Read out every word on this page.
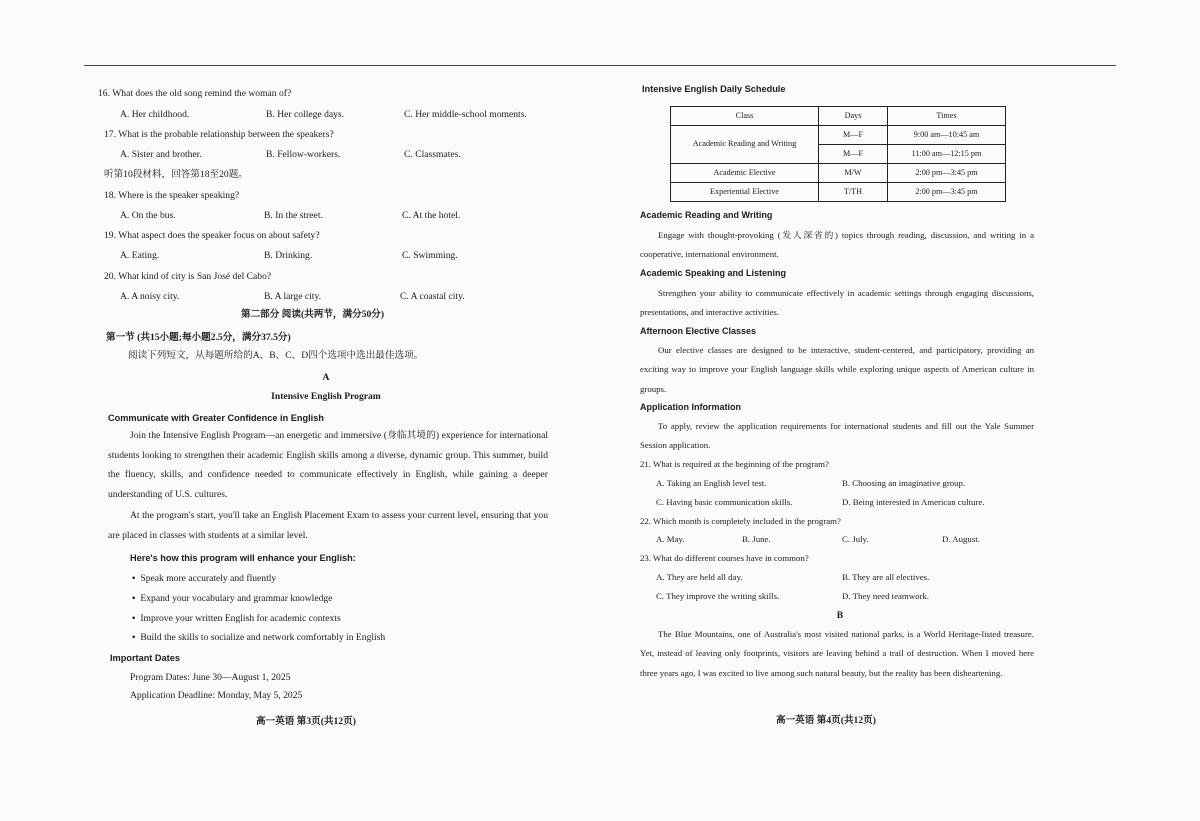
16. What does the old song remind the woman of?
A. Her childhood.	B. Her college days.	C. Her middle-school moments.
17. What is the probable relationship between the speakers?
A. Sister and brother.	B. Fellow-workers.	C. Classmates.
听第10段材料，回答第18至20题。
18. Where is the speaker speaking?
A. On the bus.	B. In the street.	C. At the hotel.
19. What aspect does the speaker focus on about safety?
A. Eating.	B. Drinking.	C. Swimming.
20. What kind of city is San José del Cabo?
A. A noisy city.	B. A large city.	C. A coastal city.
第二部分 阅读(共两节，满分50分)
第一节 (共15小题;每小题2.5分，满分37.5分)
阅读下列短文，从每题所给的A、B、C、D四个选项中选出最佳选项。
A
Intensive English Program
Communicate with Greater Confidence in English
Join the Intensive English Program—an energetic and immersive (身临其境的) experience for international students looking to strengthen their academic English skills among a diverse, dynamic group. This summer, build the fluency, skills, and confidence needed to communicate effectively in English, while gaining a deeper understanding of U.S. cultures.
At the program's start, you'll take an English Placement Exam to assess your current level, ensuring that you are placed in classes with students at a similar level.
Here's how this program will enhance your English:
• Speak more accurately and fluently
• Expand your vocabulary and grammar knowledge
• Improve your written English for academic contexts
• Build the skills to socialize and network comfortably in English
Important Dates
Program Dates: June 30—August 1, 2025
Application Deadline: Monday, May 5, 2025
高一英语 第3页(共12页)
Intensive English Daily Schedule
Class	Days	Times
Academic Reading and Writing	M—F	9:00 am—10:45 am
	M—F	11:00 am—12:15 pm
Academic Elective	M/W	2:00 pm—3:45 pm
Experiential Elective	T/TH	2:00 pm—3:45 pm
Academic Reading and Writing
Engage with thought-provoking (发人深省的) topics through reading, discussion, and writing in a cooperative, international environment.
Academic Speaking and Listening
Strengthen your ability to communicate effectively in academic settings through engaging discussions, presentations, and interactive activities.
Afternoon Elective Classes
Our elective classes are designed to be interactive, student-centered, and participatory, providing an exciting way to improve your English language skills while exploring unique aspects of American culture in groups.
Application Information
To apply, review the application requirements for international students and fill out the Yale Summer Session application.
21. What is required at the beginning of the program?
A. Taking an English level test.	B. Choosing an imaginative group.
C. Having basic communication skills.	D. Being interested in American culture.
22. Which month is completely included in the program?
A. May.	B. June.	C. July.	D. August.
23. What do different courses have in common?
A. They are held all day.	B. They are all electives.
C. They improve the writing skills.	D. They need teamwork.
B
The Blue Mountains, one of Australia's most visited national parks, is a World Heritage-listed treasure. Yet, instead of leaving only footprints, visitors are leaving behind a trail of destruction. When I moved here three years ago, I was excited to live among such natural beauty, but the reality has been disheartening.
高一英语 第4页(共12页)
